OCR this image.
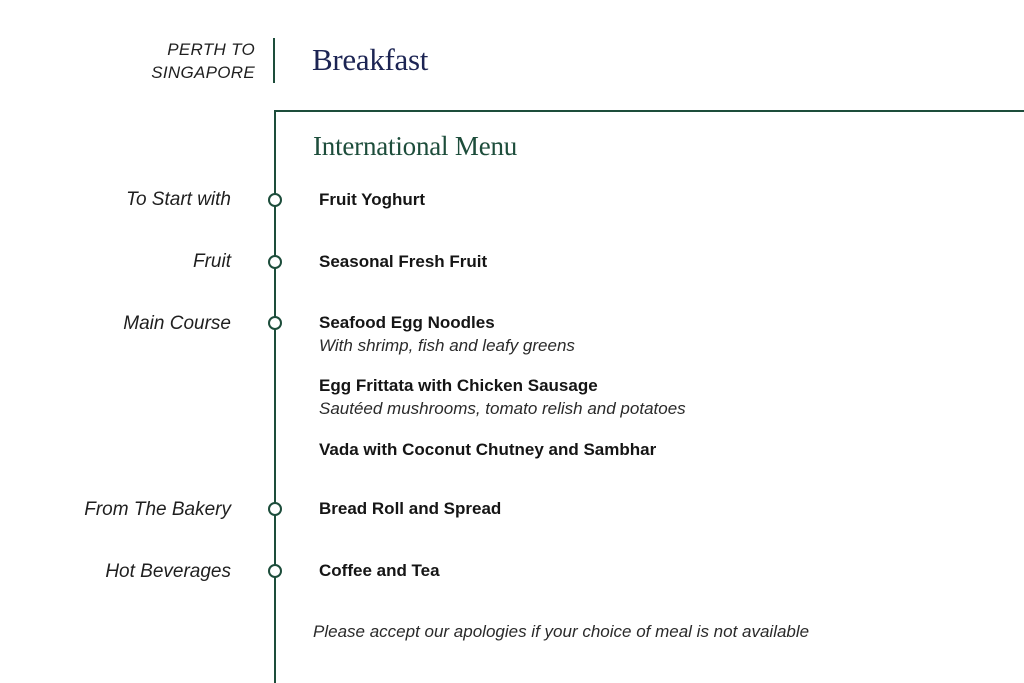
PERTH TO
SINGAPORE Breakfast
International Menu
To Start with	Fruit Yoghurt
Fruit	Seasonal Fresh Fruit
Main Course	Seafood Egg Noodles
With shrimp, fish and leafy greens
Egg Frittata with Chicken Sausage
Sautéed mushrooms, tomato relish and potatoes
Vada with Coconut Chutney and Sambhar
From The Bakery	Bread Roll and Spread
Hot Beverages	Coffee and Tea
Please accept our apologies if your choice of meal is not available
